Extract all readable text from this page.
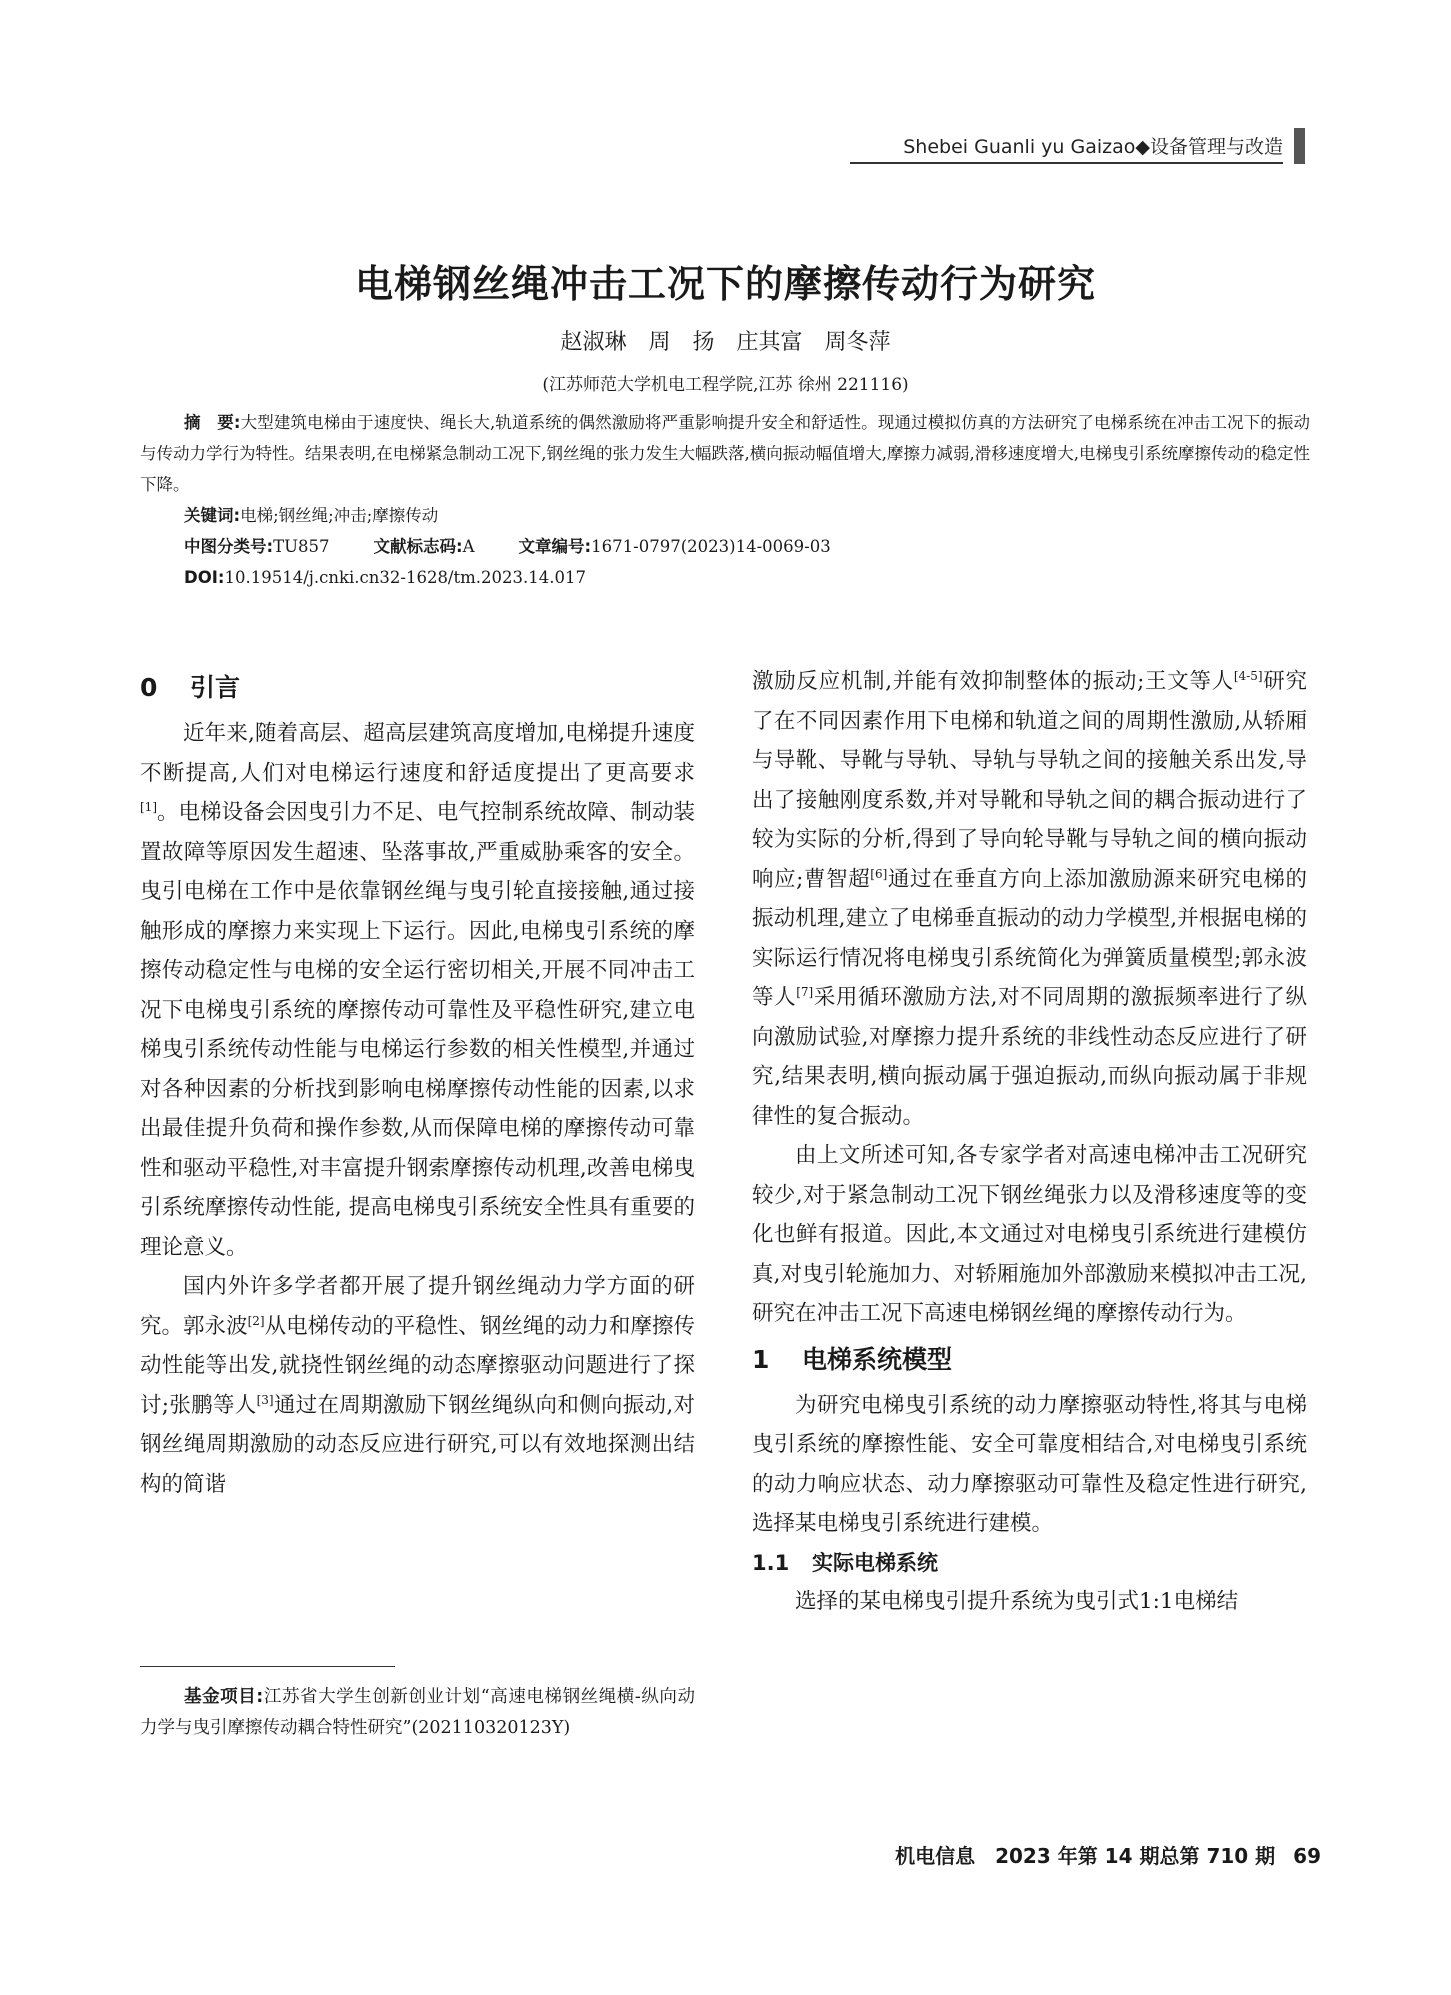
Shebei Guanli yu Gaizao◆设备管理与改造
电梯钢丝绳冲击工况下的摩擦传动行为研究
赵淑琳　周　扬　庄其富　周冬萍
(江苏师范大学机电工程学院,江苏 徐州 221116)

摘　要:大型建筑电梯由于速度快、绳长大,轨道系统的偶然激励将严重影响提升安全和舒适性。现通过模拟仿真的方法研究了电梯系统在冲击工况下的振动与传动力学行为特性。结果表明,在电梯紧急制动工况下,钢丝绳的张力发生大幅跌落,横向振动幅值增大,摩擦力减弱,滑移速度增大,电梯曳引系统摩擦传动的稳定性下降。

关键词:电梯;钢丝绳;冲击;摩擦传动

中图分类号:TU857	文献标志码:A	文章编号:1671-0797(2023)14-0069-03

DOI:10.19514/j.cnki.cn32-1628/tm.2023.14.017

0 引言

近年来,随着高层、超高层建筑高度增加,电梯提升速度不断提高,人们对电梯运行速度和舒适度提出了更高要求[1]。电梯设备会因曳引力不足、电气控制系统故障、制动装置故障等原因发生超速、坠落事故,严重威胁乘客的安全。曳引电梯在工作中是依靠钢丝绳与曳引轮直接接触,通过接触形成的摩擦力来实现上下运行。因此,电梯曳引系统的摩擦传动稳定性与电梯的安全运行密切相关,开展不同冲击工况下电梯曳引系统的摩擦传动可靠性及平稳性研究,建立电梯曳引系统传动性能与电梯运行参数的相关性模型,并通过对各种因素的分析找到影响电梯摩擦传动性能的因素,以求出最佳提升负荷和操作参数,从而保障电梯的摩擦传动可靠性和驱动平稳性,对丰富提升钢索摩擦传动机理,改善电梯曳引系统摩擦传动性能, 提高电梯曳引系统安全性具有重要的理论意义。

国内外许多学者都开展了提升钢丝绳动力学方面的研究。郭永波[2]从电梯传动的平稳性、钢丝绳的动力和摩擦传动性能等出发,就挠性钢丝绳的动态摩擦驱动问题进行了探讨;张鹏等人[3]通过在周期激励下钢丝绳纵向和侧向振动,对钢丝绳周期激励的动态反应进行研究,可以有效地探测出结构的简谐

基金项目:江苏省大学生创新创业计划“高速电梯钢丝绳横-纵向动力学与曳引摩擦传动耦合特性研究”(202110320123Y)

激励反应机制,并能有效抑制整体的振动;王文等人[4-5]研究了在不同因素作用下电梯和轨道之间的周期性激励,从轿厢与导靴、导靴与导轨、导轨与导轨之间的接触关系出发,导出了接触刚度系数,并对导靴和导轨之间的耦合振动进行了较为实际的分析,得到了导向轮导靴与导轨之间的横向振动响应;曹智超[6]通过在垂直方向上添加激励源来研究电梯的振动机理,建立了电梯垂直振动的动力学模型,并根据电梯的实际运行情况将电梯曳引系统简化为弹簧质量模型;郭永波等人[7]采用循环激励方法,对不同周期的激振频率进行了纵向激励试验,对摩擦力提升系统的非线性动态反应进行了研究,结果表明,横向振动属于强迫振动,而纵向振动属于非规律性的复合振动。

由上文所述可知,各专家学者对高速电梯冲击工况研究较少,对于紧急制动工况下钢丝绳张力以及滑移速度等的变化也鲜有报道。因此,本文通过对电梯曳引系统进行建模仿真,对曳引轮施加力、对轿厢施加外部激励来模拟冲击工况,研究在冲击工况下高速电梯钢丝绳的摩擦传动行为。

1 电梯系统模型

为研究电梯曳引系统的动力摩擦驱动特性,将其与电梯曳引系统的摩擦性能、安全可靠度相结合,对电梯曳引系统的动力响应状态、动力摩擦驱动可靠性及稳定性进行研究,选择某电梯曳引系统进行建模。

1.1 实际电梯系统

选择的某电梯曳引提升系统为曳引式1:1电梯结

机电信息　2023 年第 14 期总第 710 期 69
